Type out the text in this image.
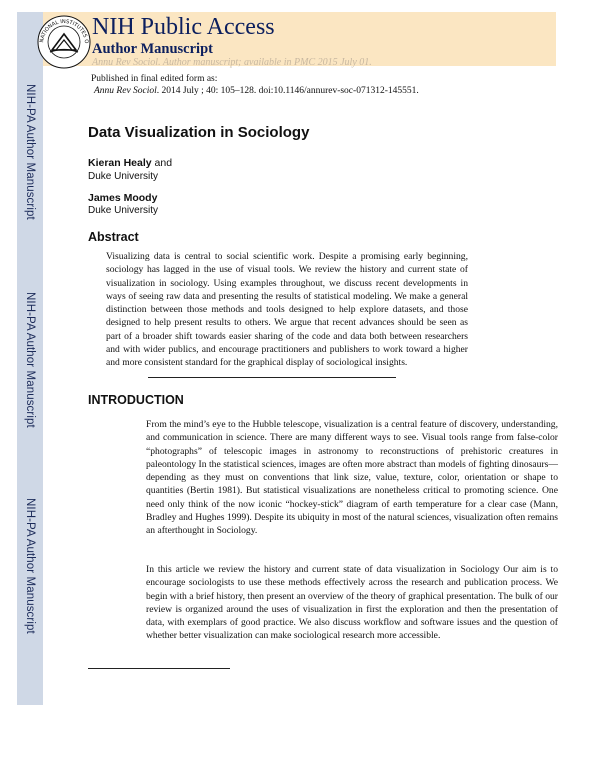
NIH-PA Author Manuscript
NIH-PA Author Manuscript
NIH-PA Author Manuscript
NATIONAL INSTITUTES O
NIH Public Access
Author Manuscript
Annu Rev Sociol. Author manuscript; available in PMC 2015 July 01.
Published in final edited form as:
Annu Rev Sociol. 2014 July ; 40: 105–128. doi:10.1146/annurev-soc-071312-145551.
Data Visualization in Sociology
Kieran Healy and
Duke University
James Moody
Duke University
Abstract

Visualizing data is central to social scientific work. Despite a promising early beginning, sociology has lagged in the use of visual tools. We review the history and current state of visualization in sociology. Using examples throughout, we discuss recent developments in ways of seeing raw data and presenting the results of statistical modeling. We make a general distinction between those methods and tools designed to help explore datasets, and those designed to help present results to others. We argue that recent advances should be seen as part of a broader shift towards easier sharing of the code and data both between researchers and with wider publics, and encourage practitioners and publishers to work toward a higher and more consistent standard for the graphical display of sociological insights.

INTRODUCTION

From the mind’s eye to the Hubble telescope, visualization is a central feature of discovery, understanding, and communication in science. There are many different ways to see. Visual tools range from false-color “photographs” of telescopic images in astronomy to reconstructions of prehistoric creatures in paleontology In the statistical sciences, images are often more abstract than models of fighting dinosaurs—depending as they must on conventions that link size, value, texture, color, orientation or shape to quantities (Bertin 1981). But statistical visualizations are nonetheless critical to promoting science. One need only think of the now iconic “hockey-stick” diagram of earth temperature for a clear case (Mann, Bradley and Hughes 1999). Despite its ubiquity in most of the natural sciences, visualization often remains an afterthought in Sociology.

In this article we review the history and current state of data visualization in Sociology Our aim is to encourage sociologists to use these methods effectively across the research and publication process. We begin with a brief history, then present an overview of the theory of graphical presentation. The bulk of our review is organized around the uses of visualization in first the exploration and then the presentation of data, with exemplars of good practice. We also discuss workflow and software issues and the question of whether better visualization can make sociological research more accessible.
